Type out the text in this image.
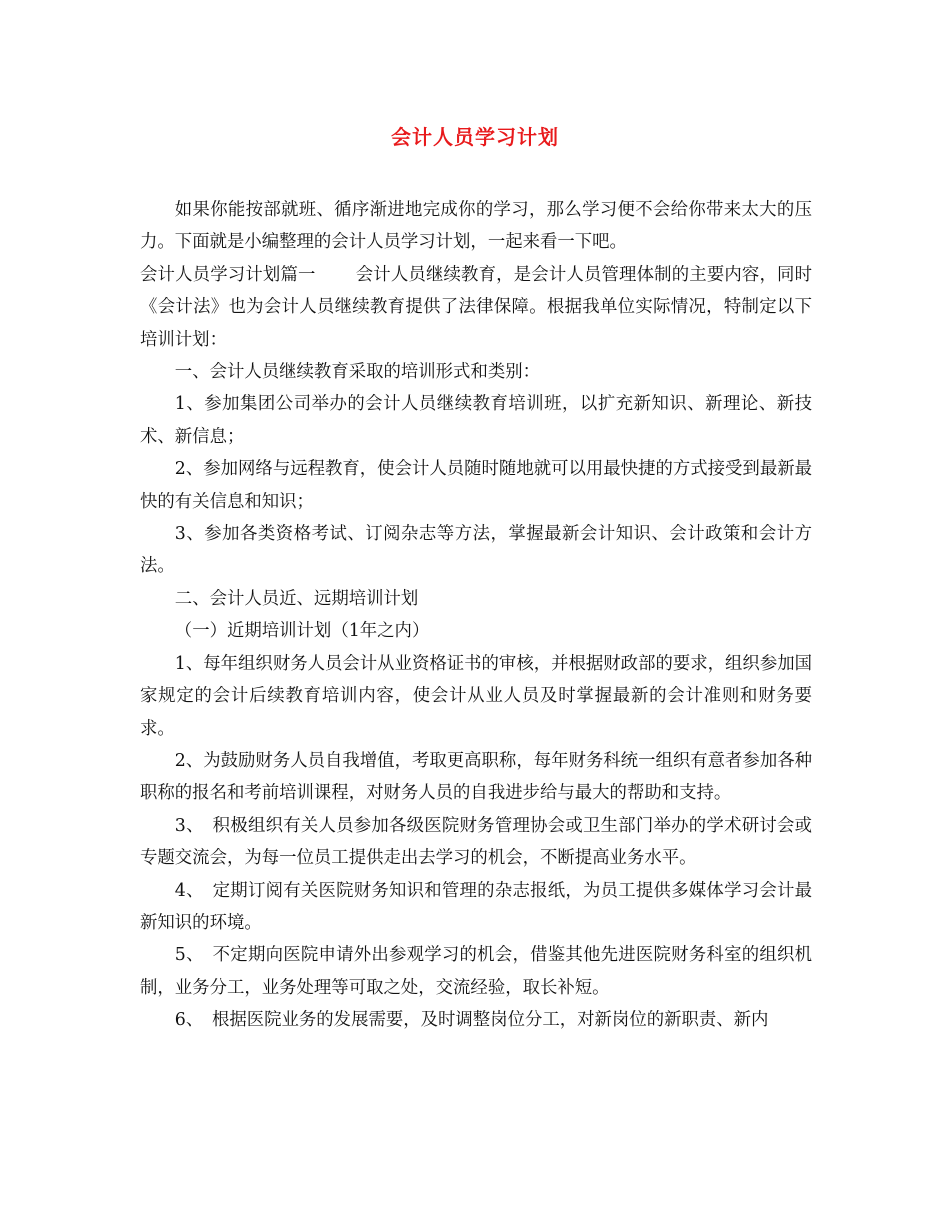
会计人员学习计划

如果你能按部就班、循序渐进地完成你的学习，那么学习便不会给你带来太大的压力。下面就是小编整理的会计人员学习计划，一起来看一下吧。

会计人员学习计划篇一 会计人员继续教育，是会计人员管理体制的主要内容，同时《会计法》也为会计人员继续教育提供了法律保障。根据我单位实际情况，特制定以下培训计划：

一、会计人员继续教育采取的培训形式和类别：

1、参加集团公司举办的会计人员继续教育培训班，以扩充新知识、新理论、新技术、新信息；

2、参加网络与远程教育，使会计人员随时随地就可以用最快捷的方式接受到最新最快的有关信息和知识；

3、参加各类资格考试、订阅杂志等方法，掌握最新会计知识、会计政策和会计方法。

二、会计人员近、远期培训计划

（一）近期培训计划（1年之内）

1、每年组织财务人员会计从业资格证书的审核，并根据财政部的要求，组织参加国家规定的会计后续教育培训内容，使会计从业人员及时掌握最新的会计准则和财务要求。

2、为鼓励财务人员自我增值，考取更高职称，每年财务科统一组织有意者参加各种职称的报名和考前培训课程，对财务人员的自我进步给与最大的帮助和支持。

3、　积极组织有关人员参加各级医院财务管理协会或卫生部门举办的学术研讨会或专题交流会，为每一位员工提供走出去学习的机会，不断提高业务水平。

4、　定期订阅有关医院财务知识和管理的杂志报纸，为员工提供多媒体学习会计最新知识的环境。

5、　不定期向医院申请外出参观学习的机会，借鉴其他先进医院财务科室的组织机制，业务分工，业务处理等可取之处，交流经验，取长补短。

6、　根据医院业务的发展需要，及时调整岗位分工，对新岗位的新职责、新内
